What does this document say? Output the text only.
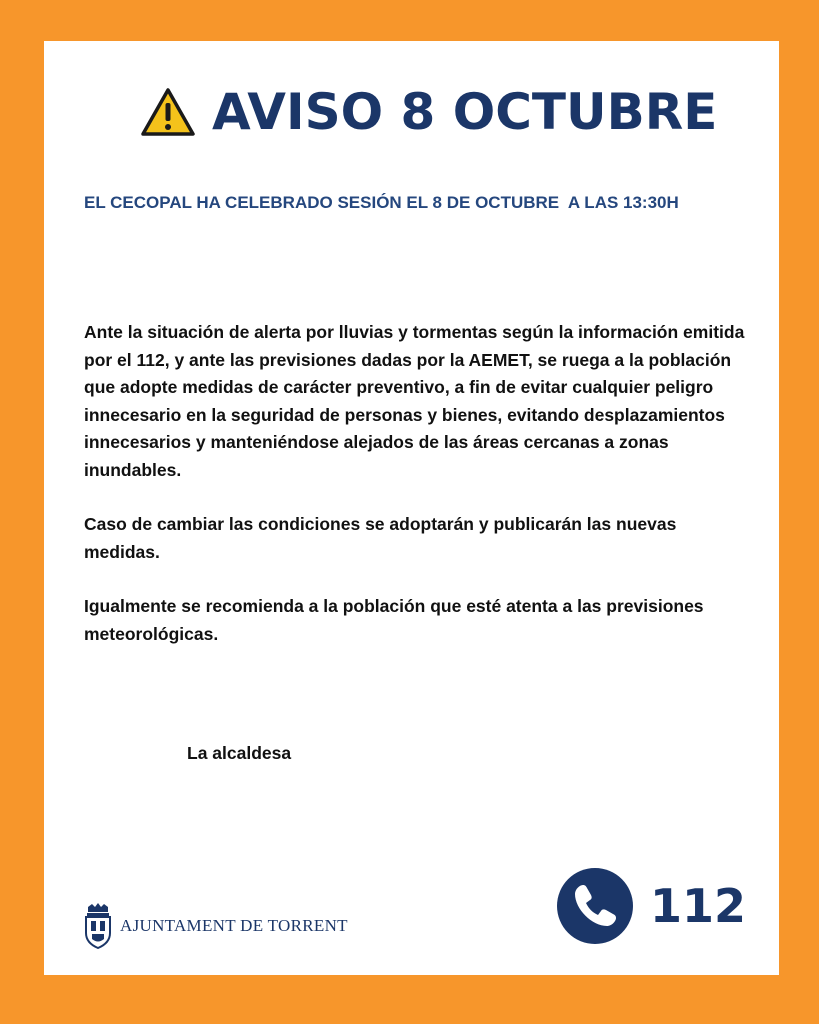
AVISO 8 OCTUBRE
EL CECOPAL HA CELEBRADO SESIÓN EL 8 DE OCTUBRE  A LAS 13:30H

Ante la situación de alerta por lluvias y tormentas según la información emitida por el 112, y ante las previsiones dadas por la AEMET, se ruega a la población que adopte medidas de carácter preventivo, a fin de evitar cualquier peligro innecesario en la seguridad de personas y bienes, evitando desplazamientos innecesarios y manteniéndose alejados de las áreas cercanas a zonas inundables.

Caso de cambiar las condiciones se adoptarán y publicarán las nuevas medidas.

Igualmente se recomienda a la población que esté atenta a las previsiones meteorológicas.

La alcaldesa
AJUNTAMENT DE TORRENT	112
